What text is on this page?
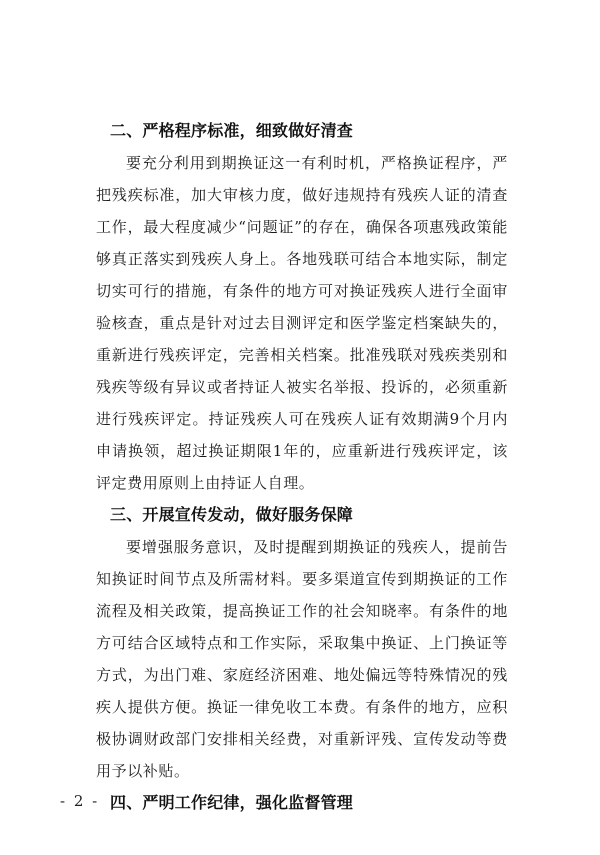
二、严格程序标准，细致做好清查

要充分利用到期换证这一有利时机，严格换证程序，严把残疾标准，加大审核力度，做好违规持有残疾人证的清查工作，最大程度减少“问题证”的存在，确保各项惠残政策能够真正落实到残疾人身上。各地残联可结合本地实际，制定切实可行的措施，有条件的地方可对换证残疾人进行全面审验核查，重点是针对过去目测评定和医学鉴定档案缺失的，重新进行残疾评定，完善相关档案。批准残联对残疾类别和残疾等级有异议或者持证人被实名举报、投诉的，必须重新进行残疾评定。持证残疾人可在残疾人证有效期满9个月内申请换领，超过换证期限1年的，应重新进行残疾评定，该评定费用原则上由持证人自理。

三、开展宣传发动，做好服务保障

要增强服务意识，及时提醒到期换证的残疾人，提前告知换证时间节点及所需材料。要多渠道宣传到期换证的工作流程及相关政策，提高换证工作的社会知晓率。有条件的地方可结合区域特点和工作实际，采取集中换证、上门换证等方式，为出门难、家庭经济困难、地处偏远等特殊情况的残疾人提供方便。换证一律免收工本费。有条件的地方，应积极协调财政部门安排相关经费，对重新评残、宣传发动等费用予以补贴。

四、严明工作纪律，强化监督管理
- 2 -
